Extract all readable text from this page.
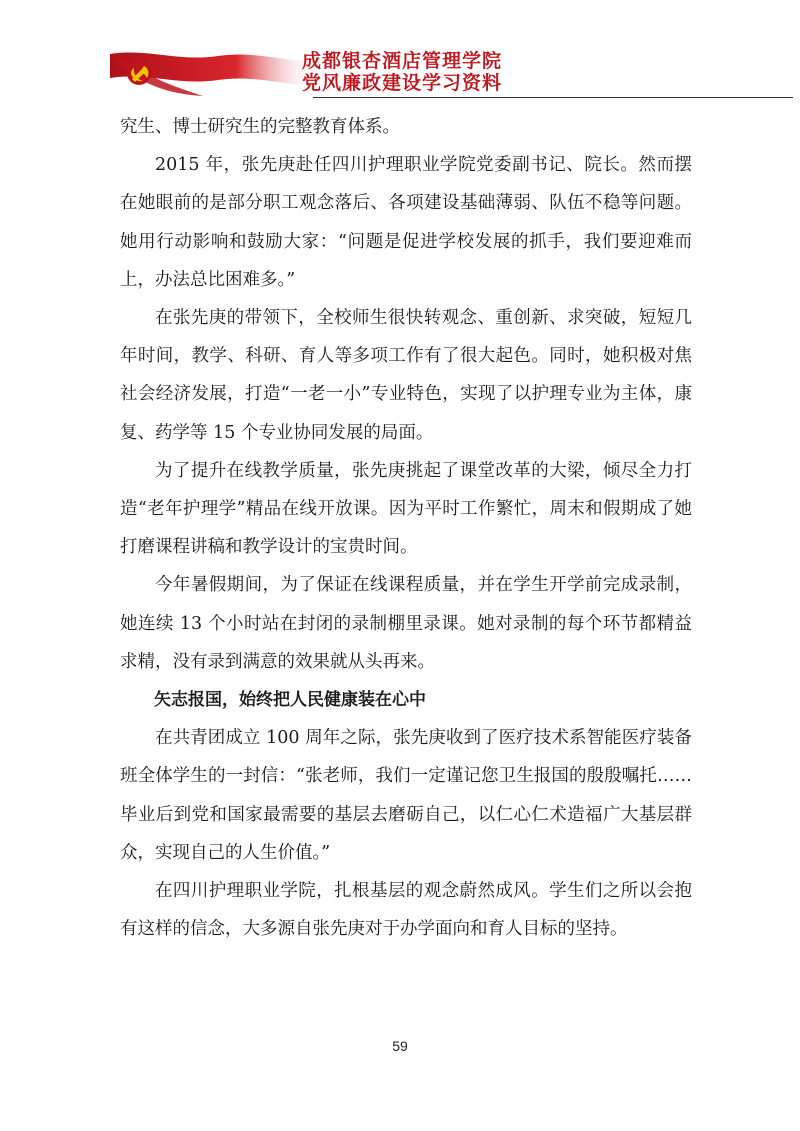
成都银杏酒店管理学院
党风廉政建设学习资料

究生、博士研究生的完整教育体系。

2015 年，张先庚赴任四川护理职业学院党委副书记、院长。然而摆在她眼前的是部分职工观念落后、各项建设基础薄弱、队伍不稳等问题。她用行动影响和鼓励大家：“问题是促进学校发展的抓手，我们要迎难而上，办法总比困难多。”

在张先庚的带领下，全校师生很快转观念、重创新、求突破，短短几年时间，教学、科研、育人等多项工作有了很大起色。同时，她积极对焦社会经济发展，打造“一老一小”专业特色，实现了以护理专业为主体，康复、药学等 15 个专业协同发展的局面。

为了提升在线教学质量，张先庚挑起了课堂改革的大梁，倾尽全力打造“老年护理学”精品在线开放课。因为平时工作繁忙，周末和假期成了她打磨课程讲稿和教学设计的宝贵时间。

今年暑假期间，为了保证在线课程质量，并在学生开学前完成录制，她连续 13 个小时站在封闭的录制棚里录课。她对录制的每个环节都精益求精，没有录到满意的效果就从头再来。

矢志报国，始终把人民健康装在心中

在共青团成立 100 周年之际，张先庚收到了医疗技术系智能医疗装备班全体学生的一封信：“张老师，我们一定谨记您卫生报国的殷殷嘱托……毕业后到党和国家最需要的基层去磨砺自己，以仁心仁术造福广大基层群众，实现自己的人生价值。”

在四川护理职业学院，扎根基层的观念蔚然成风。学生们之所以会抱有这样的信念，大多源自张先庚对于办学面向和育人目标的坚持。

59
